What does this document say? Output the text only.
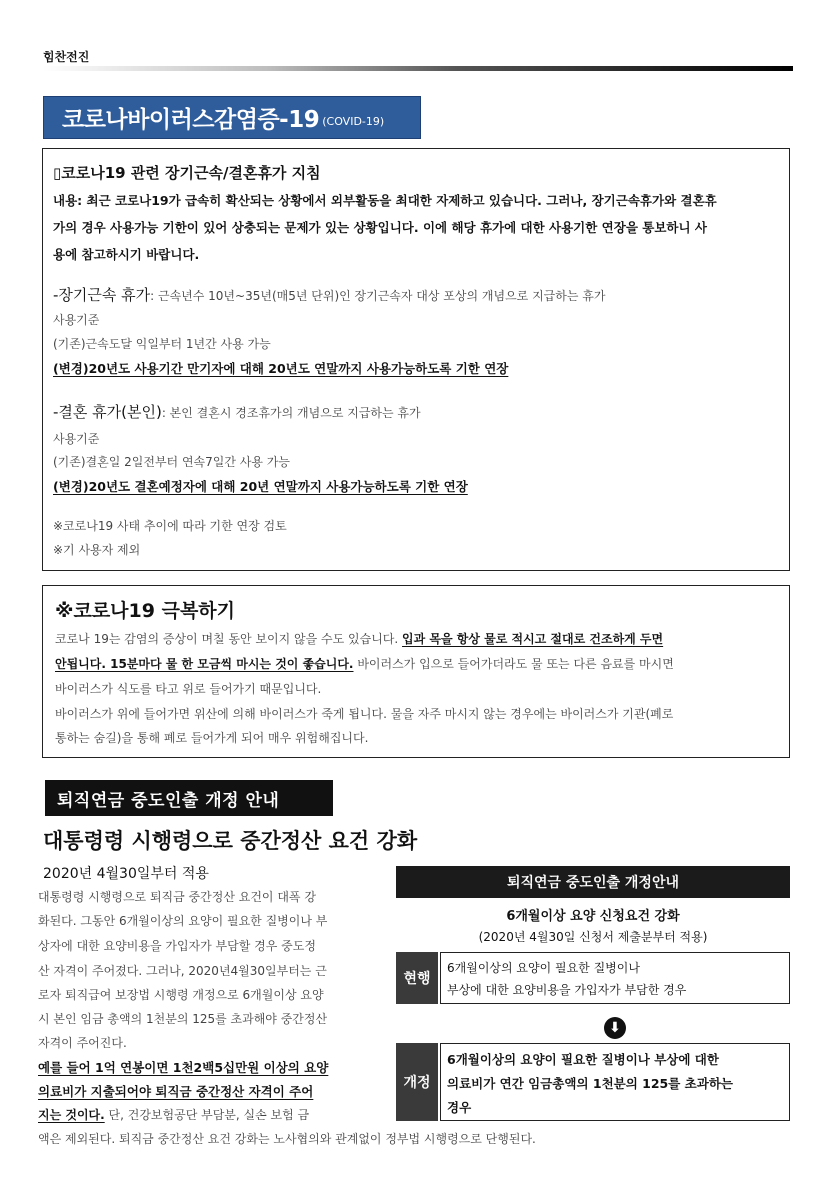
힘찬전진
코로나바이러스감염증-19 (COVID-19)
▯코로나19 관련 장기근속/결혼휴가 지침
내용: 최근 코로나19가 급속히 확산되는 상황에서 외부활동을 최대한 자제하고 있습니다. 그러나, 장기근속휴가와 결혼휴
가의 경우 사용가능 기한이 있어 상충되는 문제가 있는 상황입니다. 이에 해당 휴가에 대한 사용기한 연장을 통보하니 사
용에 참고하시기 바랍니다.
-장기근속 휴가: 근속년수 10년~35년(매5년 단위)인 장기근속자 대상 포상의 개념으로 지급하는 휴가
사용기준
(기존)근속도달 익일부터 1년간 사용 가능
(변경)20년도 사용기간 만기자에 대해 20년도 연말까지 사용가능하도록 기한 연장
-결혼 휴가(본인): 본인 결혼시 경조휴가의 개념으로 지급하는 휴가
사용기준
(기존)결혼일 2일전부터 연속7일간 사용 가능
(변경)20년도 결혼예정자에 대해 20년 연말까지 사용가능하도록 기한 연장
※코로나19 사태 추이에 따라 기한 연장 검토
※기 사용자 제외
※코로나19 극복하기
코로나 19는 감염의 증상이 며칠 동안 보이지 않을 수도 있습니다. 입과 목을 항상 물로 적시고 절대로 건조하게 두면
안됩니다. 15분마다 물 한 모금씩 마시는 것이 좋습니다. 바이러스가 입으로 들어가더라도 물 또는 다른 음료를 마시면
바이러스가 식도를 타고 위로 들어가기 때문입니다.
바이러스가 위에 들어가면 위산에 의해 바이러스가 죽게 됩니다. 물을 자주 마시지 않는 경우에는 바이러스가 기관(폐로
통하는 숨길)을 통해 폐로 들어가게 되어 매우 위험해집니다.
퇴직연금 중도인출 개정 안내
대통령령 시행령으로 중간정산 요건 강화
2020년 4월30일부터 적용
대통령령 시행령으로 퇴직금 중간정산 요건이 대폭 강
화된다. 그동안 6개월이상의 요양이 필요한 질병이나 부
상자에 대한 요양비용을 가입자가 부담할 경우 중도정
산 자격이 주어졌다. 그러나, 2020년4월30일부터는 근
로자 퇴직급여 보장법 시행령 개정으로 6개월이상 요양
시 본인 임금 총액의 1천분의 125를 초과해야 중간정산
자격이 주어진다.
예를 들어 1억 연봉이면 1천2백5십만원 이상의 요양
의료비가 지출되어야 퇴직금 중간정산 자격이 주어
지는 것이다. 단, 건강보험공단 부담분, 실손 보험 금
액은 제외된다. 퇴직금 중간정산 요건 강화는 노사협의와 관계없이 정부법 시행령으로 단행된다.
퇴직연금 중도인출 개정안내
6개월이상 요양 신청요건 강화
(2020년 4월30일 신청서 제출분부터 적용)
현행
6개월이상의 요양이 필요한 질병이나
부상에 대한 요양비용을 가입자가 부담한 경우
⬇
개정
6개월이상의 요양이 필요한 질병이나 부상에 대한
의료비가 연간 임금총액의 1천분의 125를 초과하는
경우
